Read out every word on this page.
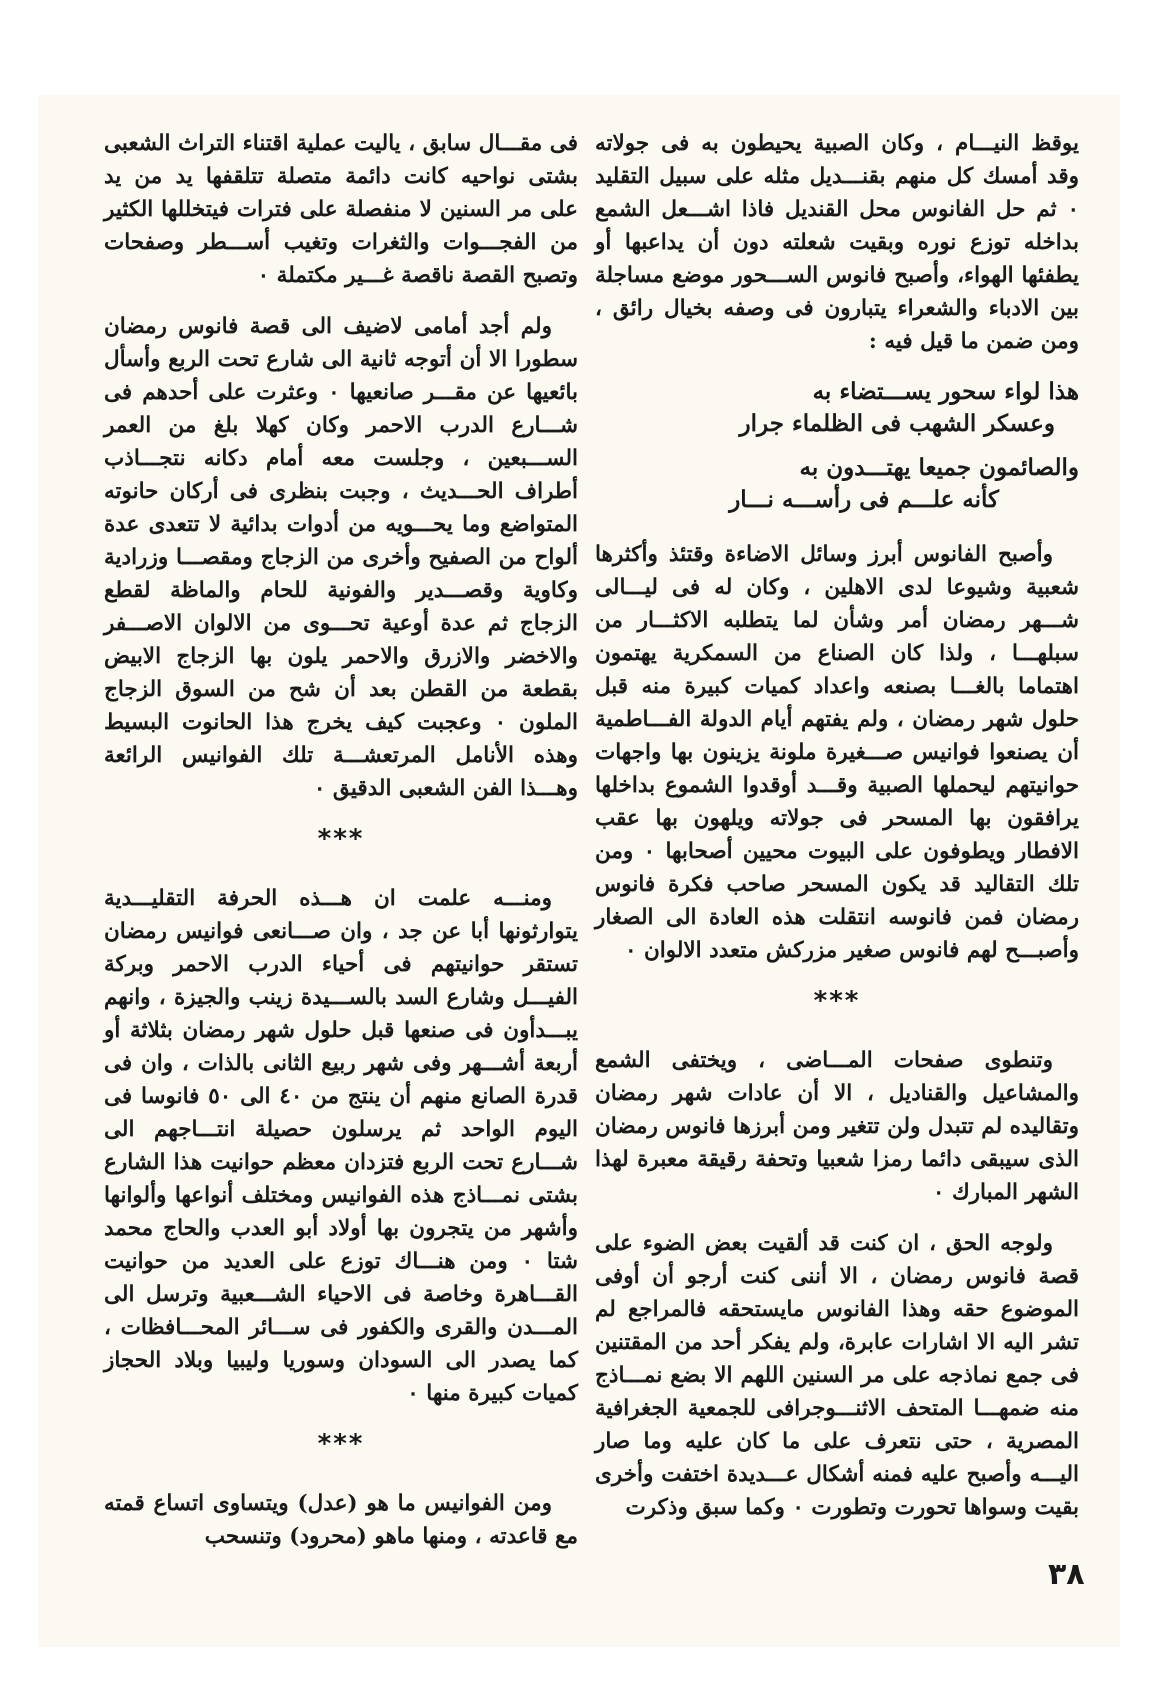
يوقظ النيـــام ، وكان الصبية يحيطون به فى جولاته وقد أمسك كل منهم بقنـــديل مثله على سبيل التقليد ٠ ثم حل الفانوس محل القنديل فاذا اشـــعل الشمع بداخله توزع نوره وبقيت شعلته دون أن يداعبها أو يطفئها الهواء، وأصبح فانوس الســـحور موضع مساجلة بين الادباء والشعراء يتبارون فى وصفه بخيال رائق ، ومن ضمن ما قيل فيه :

هذا لواء سحور يســـتضاء به
وعسكر الشهب فى الظلماء جرار
والصائمون جميعا يهتـــدون به
كأنه علـــم فى رأســـه نـــار

وأصبح الفانوس أبرز وسائل الاضاءة وقتئذ وأكثرها شعبية وشيوعا لدى الاهلين ، وكان له فى ليـــالى شـــهر رمضان أمر وشأن لما يتطلبه الاكثـــار من سبلهـــا ، ولذا كان الصناع من السمكرية يهتمون اهتماما بالغـــا بصنعه واعداد كميات كبيرة منه قبل حلول شهر رمضان ، ولم يفتهم أيام الدولة الفـــاطمية أن يصنعوا فوانيس صـــغيرة ملونة يزينون بها واجهات حوانيتهم ليحملها الصبية وقـــد أوقدوا الشموع بداخلها يرافقون بها المسحر فى جولاته ويلهون بها عقب الافطار ويطوفون على البيوت محيين أصحابها ٠ ومن تلك التقاليد قد يكون المسحر صاحب فكرة فانوس رمضان فمن فانوسه انتقلت هذه العادة الى الصغار وأصبـــح لهم فانوس صغير مزركش متعدد الالوان ٠

***

وتنطوى صفحات المـــاضى ، ويختفى الشمع والمشاعيل والقناديل ، الا أن عادات شهر رمضان وتقاليده لم تتبدل ولن تتغير ومن أبرزها فانوس رمضان الذى سيبقى دائما رمزا شعبيا وتحفة رقيقة معبرة لهذا الشهر المبارك ٠

ولوجه الحق ، ان كنت قد ألقيت بعض الضوء على قصة فانوس رمضان ، الا أننى كنت أرجو أن أوفى الموضوع حقه وهذا الفانوس مايستحقه فالمراجع لم تشر اليه الا اشارات عابرة، ولم يفكر أحد من المقتنين فى جمع نماذجه على مر السنين اللهم الا بضع نمـــاذج منه ضمهـــا المتحف الاثنـــوجرافى للجمعية الجغرافية المصرية ، حتى نتعرف على ما كان عليه وما صار اليـــه وأصبح عليه فمنه أشكال عـــديدة اختفت وأخرى بقيت وسواها تحورت وتطورت ٠ وكما سبق وذكرت

فى مقـــال سابق ، ياليت عملية اقتناء التراث الشعبى بشتى نواحيه كانت دائمة متصلة تتلقفها يد من يد على مر السنين لا منفصلة على فترات فيتخللها الكثير من الفجـــوات والثغرات وتغيب أســـطر وصفحات وتصبح القصة ناقصة غـــير مكتملة ٠

ولم أجد أمامى لاضيف الى قصة فانوس رمضان سطورا الا أن أتوجه ثانية الى شارع تحت الربع وأسأل بائعيها عن مقـــر صانعيها ٠ وعثرت على أحدهم فى شـــارع الدرب الاحمر وكان كهلا بلغ من العمر الســـبعين ، وجلست معه أمام دكانه نتجـــاذب أطراف الحـــديث ، وجبت بنظرى فى أركان حانوته المتواضع وما يحـــويه من أدوات بدائية لا تتعدى عدة ألواح من الصفيح وأخرى من الزجاج ومقصـــا وزرادية وكاوية وقصـــدير والفونية للحام والماظة لقطع الزجاج ثم عدة أوعية تحـــوى من الالوان الاصـــفر والاخضر والازرق والاحمر يلون بها الزجاج الابيض بقطعة من القطن بعد أن شح من السوق الزجاج الملون ٠ وعجبت كيف يخرج هذا الحانوت البسيط وهذه الأنامل المرتعشـــة تلك الفوانيس الرائعة وهـــذا الفن الشعبى الدقيق ٠

***

ومنـــه علمت ان هـــذه الحرفة التقليـــدية يتوارثونها أبا عن جد ، وان صـــانعى فوانيس رمضان تستقر حوانيتهم فى أحياء الدرب الاحمر وبركة الفيـــل وشارع السد بالســـيدة زينب والجيزة ، وانهم يبـــدأون فى صنعها قبل حلول شهر رمضان بثلاثة أو أربعة أشـــهر وفى شهر ربيع الثانى بالذات ، وان فى قدرة الصانع منهم أن ينتج من ٤٠ الى ٥٠ فانوسا فى اليوم الواحد ثم يرسلون حصيلة انتـــاجهم الى شـــارع تحت الربع فتزدان معظم حوانيت هذا الشارع بشتى نمـــاذج هذه الفوانيس ومختلف أنواعها وألوانها وأشهر من يتجرون بها أولاد أبو العدب والحاج محمد شتا ٠ ومن هنـــاك توزع على العديد من حوانيت القـــاهرة وخاصة فى الاحياء الشـــعبية وترسل الى المـــدن والقرى والكفور فى ســـائر المحـــافظات ، كما يصدر الى السودان وسوريا وليبيا وبلاد الحجاز كميات كبيرة منها ٠

***

ومن الفوانيس ما هو (عدل) ويتساوى اتساع قمته مع قاعدته ، ومنها ماهو (محرود) وتنسحب

٣٨
